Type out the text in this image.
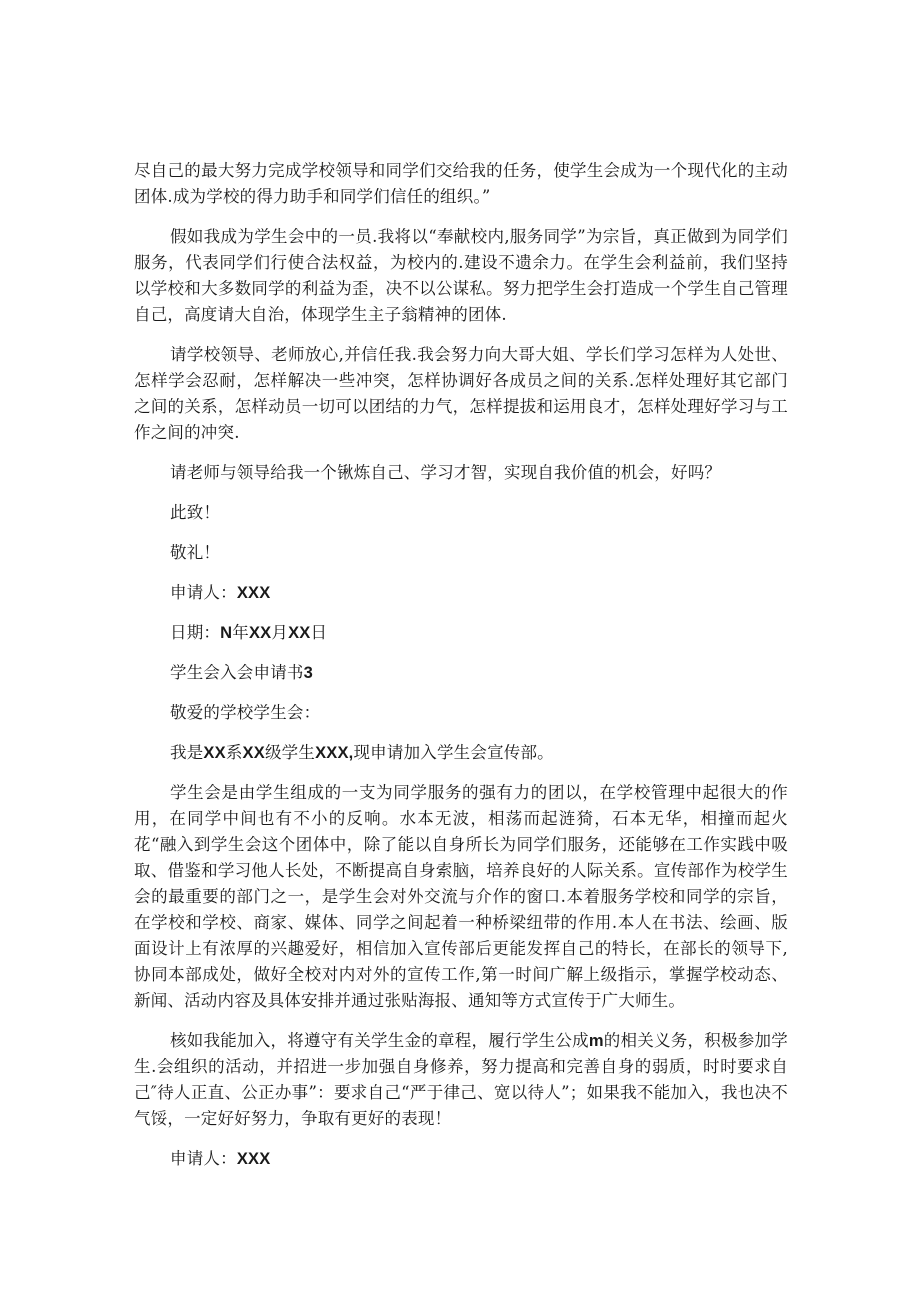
尽自己的最大努力完成学校领导和同学们交给我的任务，使学生会成为一个现代化的主动团体.成为学校的得力助手和同学们信任的组织。”

假如我成为学生会中的一员.我将以“奉献校内,服务同学”为宗旨，真正做到为同学们服务，代表同学们行使合法权益，为校内的.建设不遗余力。在学生会利益前，我们坚持以学校和大多数同学的利益为歪，决不以公谋私。努力把学生会打造成一个学生自己管理自己，高度请大自治，体现学生主子翁精神的团体.

请学校领导、老师放心,并信任我.我会努力向大哥大姐、学长们学习怎样为人处世、怎样学会忍耐，怎样解决一些冲突，怎样协调好各成员之间的关系.怎样处理好其它部门之间的关系，怎样动员一切可以团结的力气，怎样提拔和运用良才，怎样处理好学习与工作之间的冲突.

请老师与领导给我一个锹炼自己、学习才智，实现自我价值的机会，好吗？

此致！

敬礼！

申请人：XXX

日期：N年XX月XX日

学生会入会申请书3

敬爱的学校学生会：

我是XX系XX级学生XXX,现申请加入学生会宣传部。

学生会是由学生组成的一支为同学服务的强有力的团以，在学校管理中起很大的作用，在同学中间也有不小的反响。水本无波，相荡而起涟猗，石本无华，相撞而起火花“融入到学生会这个团体中，除了能以自身所长为同学们服务，还能够在工作实践中吸取、借鉴和学习他人长处，不断提高自身索脑，培养良好的人际关系。宣传部作为校学生会的最重要的部门之一，是学生会对外交流与介作的窗口.本着服务学校和同学的宗旨，在学校和学校、商家、媒体、同学之间起着一种桥梁纽带的作用.本人在书法、绘画、版面设计上有浓厚的兴趣爱好，相信加入宣传部后更能发挥自己的特长，在部长的领导下,协同本部成处，做好全校对内对外的宣传工作,第一时间广解上级指示，掌握学校动态、新闻、活动内容及具体安排并通过张贴海报、通知等方式宣传于广大师生。

核如我能加入，将遵守有关学生金的章程，履行学生公成m的相关义务，积极参加学生.会组织的活动，并招进一步加强自身修养，努力提高和完善自身的弱质，时时要求自己″待人正直、公正办事”：要求自己“严于律己、宽以待人”；如果我不能加入，我也决不气馁，一定好好努力，争取有更好的表现！

申请人：XXX
